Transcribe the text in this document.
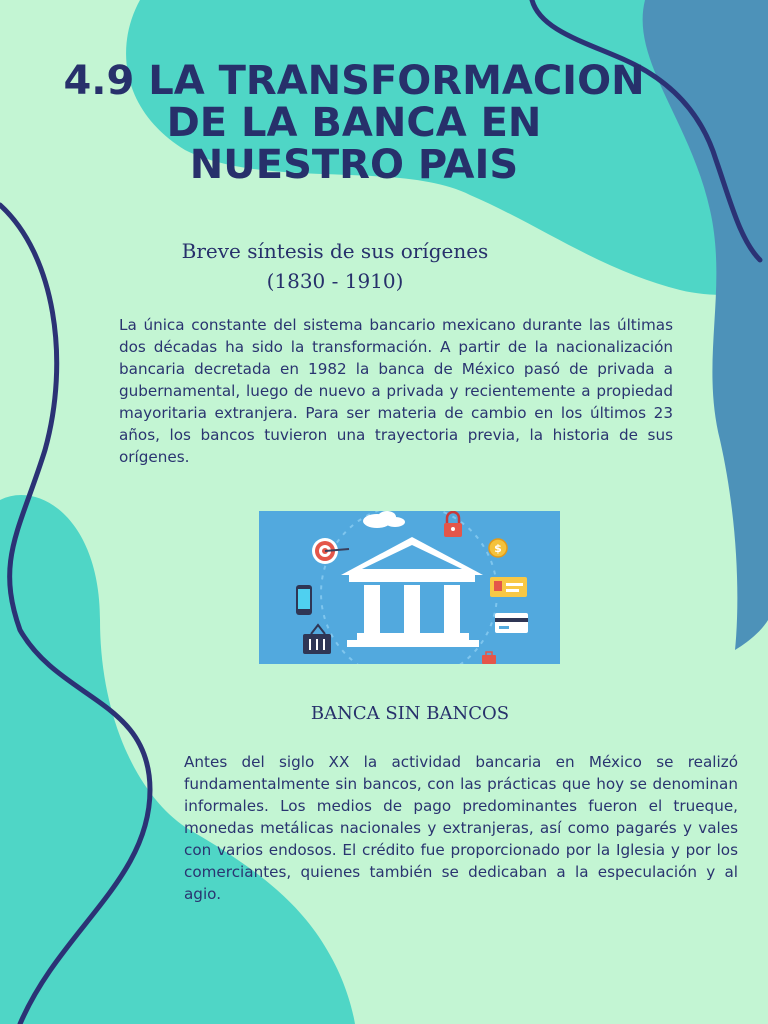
4.9 LA TRANSFORMACION
DE LA BANCA EN
NUESTRO PAIS
Breve síntesis de sus orígenes
(1830 - 1910)

La única constante del sistema bancario mexicano durante las últimas dos décadas ha sido la transformación. A partir de la nacionalización bancaria decretada en 1982 la banca de México pasó de privada a gubernamental, luego de nuevo a privada y recientemente a propiedad mayoritaria extranjera. Para ser materia de cambio en los últimos 23 años, los bancos tuvieron una trayectoria previa, la historia de sus orígenes.

$
BANCA SIN BANCOS

Antes del siglo XX la actividad bancaria en México se realizó fundamentalmente sin bancos, con las prácticas que hoy se denominan informales. Los medios de pago predominantes fueron el trueque, monedas metálicas nacionales y extranjeras, así como pagarés y vales con varios endosos. El crédito fue proporcionado por la Iglesia y por los comerciantes, quienes también se dedicaban a la especulación y al agio.
